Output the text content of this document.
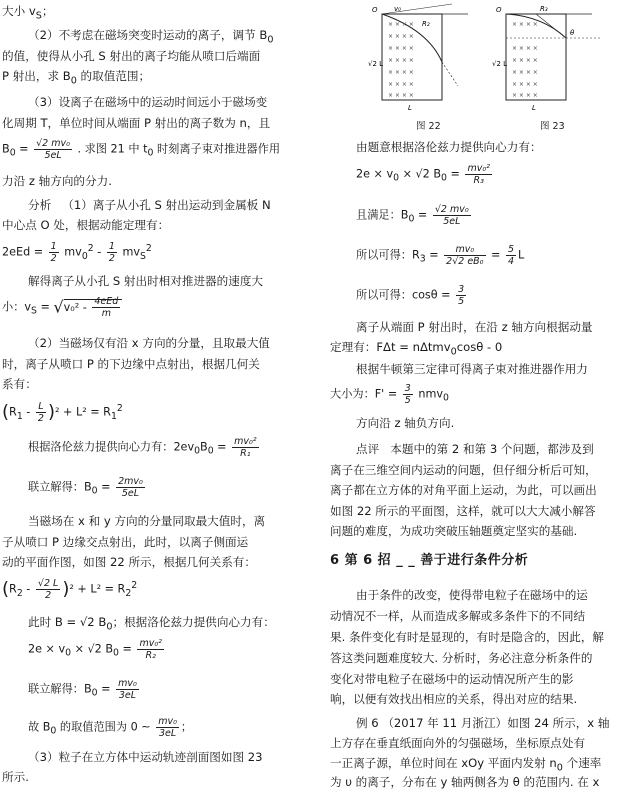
大小 $v_S$；
（2）不考虑在磁场突变时运动的离子，调节 $B_0$
的值，使得从小孔 S 射出的离子均能从喷口后端面
P 射出，求 $B_0$ 的取值范围；
（3）设离子在磁场中的运动时间远小于磁场变
化周期 T，单位时间从端面 P 射出的离子数为 n，且
$B_0 = \frac{\text{√2 mv₀}}{5eL}$ . 求图 21 中 $t_0$ 时刻离子束对推进器作用
力沿 z 轴方向的分力.
分析 （1）离子从小孔 S 射出运动到金属板 N
中心点 O 处，根据动能定理有：
$2eEd = \frac{1}{2} mv_0^2 - \frac{1}{2} mv_S^2$
解得离子从小孔 S 射出时相对推进器的速度大
小：$v_S = √v_0^2 - \frac{\text{4eEd}}{m}$
（2）当磁场仅有沿 x 方向的分量，且取最大值
时，离子从喷口 P 的下边缘中点射出，根据几何关
系有：
$(R_1 - \frac{L}{2} )^2 + L^2 = R_1^2$
根据洛伦兹力提供向心力有：$2ev_0B_0 = \frac{\text{mv₀²}}{\text{R₁}}$
联立解得：$B_0 = \frac{\text{2mv₀}}{5eL}$
当磁场在 x 和 y 方向的分量同取最大值时，离
子从喷口 P 边缘交点射出，此时，以离子侧面运
动的平面作图，如图 22 所示，根据几何关系有：
$(R_2 - \frac{√2 L}{2} )^2 + L^2 = R_2^2$
此时 B = √2 $B_0$；根据洛伦兹力提供向心力有：
$2e \times v_0 \times √2$ $B_0 = \frac{\text{mv₀²}}{\text{R₂}}$
联立解得：$B_0 = \frac{\text{mv₀}}{3eL}$
故 $B_0$ 的取值范围为 0 ~ $\frac{\text{mv₀}}{3eL}$ ；
（3）粒子在立方体中运动轨迹剖面图如图 23
所示.
× × × ×
× × × ×
× × × ×
× × × ×
× × × ×
× × × ×
× × × ×
O v₀
R₂
√2 L
L
图 22
× × × ×
× × × ×
× × × ×
× × × ×
× × × ×
× × × ×
O	R₃
θ
√2 L
L
图 23
由题意根据洛伦兹力提供向心力有：
$2e \times v_0 \times √2$ $B_0 = \frac{\text{mv₀²}}{\text{R₃}}$
且满足：$B_0 = \frac{\text{√2 mv₀}}{5eL}$
所以可得：$R_3 = \frac{\text{mv₀}}{\text{2√2 eB₀}} = \frac{5}{4}$ L
所以可得：$\cos\theta = \frac{3}{5}$
离子从端面 P 射出时，在沿 z 轴方向根据动量
定理有：FΔt = nΔtmv$_0$cosθ - 0
根据牛顿第三定律可得离子束对推进器作用力
大小为：$F' = \frac{3}{5} nmv_0$
方向沿 z 轴负方向.
点评 本题中的第 2 和第 3 个问题，都涉及到
离子在三维空间内运动的问题，但仔细分析后可知，
离子都在立方体的对角平面上运动，为此，可以画出
如图 22 所示的平面图，这样，就可以大大减小解答
问题的难度，为成功突破压轴题奠定坚实的基础.
6 第 6 招 _ _ 善于进行条件分析
由于条件的改变，使得带电粒子在磁场中的运
动情况不一样，从而造成多解或多条件下的不同结
果. 条件变化有时是显现的，有时是隐含的，因此，解
答这类问题难度较大. 分析时，务必注意分析条件的
变化对带电粒子在磁场中的运动情况所产生的影
响，以便有效找出相应的关系，得出对应的结果.
例 6 （2017 年 11 月浙江）如图 24 所示，x 轴
上方存在垂直纸面向外的匀强磁场，坐标原点处有
一正离子源，单位时间在 xOy 平面内发射 $n_0$ 个速率
为 υ 的离子，分布在 y 轴两侧各为 θ 的范围内. 在 x
